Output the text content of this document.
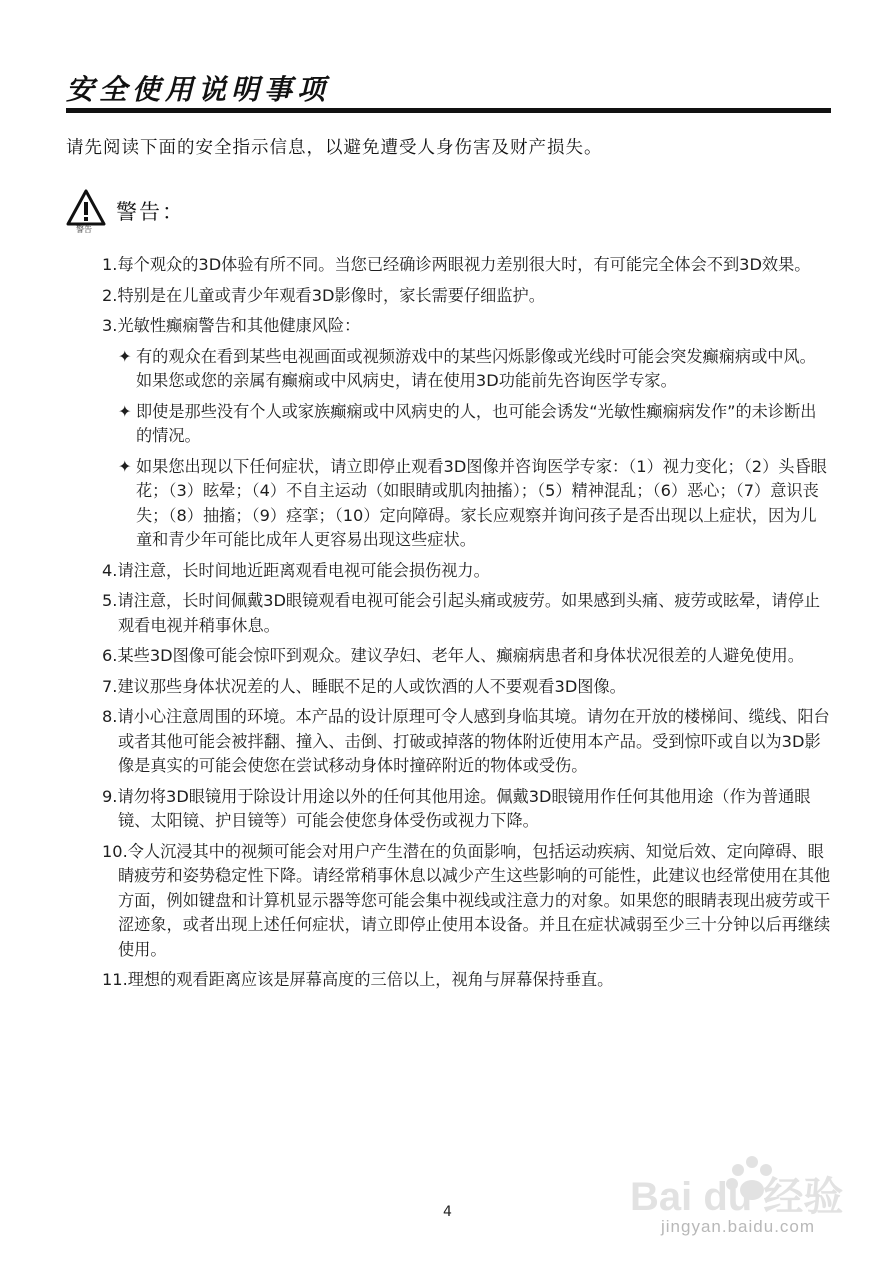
安全使用说明事项
请先阅读下面的安全指示信息，以避免遭受人身伤害及财产损失。
警告
警告：
1.每个观众的3D体验有所不同。当您已经确诊两眼视力差别很大时，有可能完全体会不到3D效果。
2.特别是在儿童或青少年观看3D影像时，家长需要仔细监护。
3.光敏性癫痫警告和其他健康风险：
✦ 有的观众在看到某些电视画面或视频游戏中的某些闪烁影像或光线时可能会突发癫痫病或中风。如果您或您的亲属有癫痫或中风病史，请在使用3D功能前先咨询医学专家。
✦ 即使是那些没有个人或家族癫痫或中风病史的人，也可能会诱发“光敏性癫痫病发作”的未诊断出的情况。
✦ 如果您出现以下任何症状，请立即停止观看3D图像并咨询医学专家：（1）视力变化；（2）头昏眼花；（3）眩晕；（4）不自主运动（如眼睛或肌肉抽搐）；（5）精神混乱；（6）恶心；（7）意识丧失；（8）抽搐；（9）痉挛；（10）定向障碍。家长应观察并询问孩子是否出现以上症状，因为儿童和青少年可能比成年人更容易出现这些症状。
4.请注意，长时间地近距离观看电视可能会损伤视力。
5.请注意，长时间佩戴3D眼镜观看电视可能会引起头痛或疲劳。如果感到头痛、疲劳或眩晕，请停止观看电视并稍事休息。
6.某些3D图像可能会惊吓到观众。建议孕妇、老年人、癫痫病患者和身体状况很差的人避免使用。
7.建议那些身体状况差的人、睡眠不足的人或饮酒的人不要观看3D图像。
8.请小心注意周围的环境。本产品的设计原理可令人感到身临其境。请勿在开放的楼梯间、缆线、阳台或者其他可能会被拌翻、撞入、击倒、打破或掉落的物体附近使用本产品。受到惊吓或自以为3D影像是真实的可能会使您在尝试移动身体时撞碎附近的物体或受伤。
9.请勿将3D眼镜用于除设计用途以外的任何其他用途。佩戴3D眼镜用作任何其他用途（作为普通眼镜、太阳镜、护目镜等）可能会使您身体受伤或视力下降。
10.令人沉浸其中的视频可能会对用户产生潜在的负面影响，包括运动疾病、知觉后效、定向障碍、眼睛疲劳和姿势稳定性下降。请经常稍事休息以减少产生这些影响的可能性，此建议也经常使用在其他方面，例如键盘和计算机显示器等您可能会集中视线或注意力的对象。如果您的眼睛表现出疲劳或干涩迹象，或者出现上述任何症状，请立即停止使用本设备。并且在症状减弱至少三十分钟以后再继续使用。
11.理想的观看距离应该是屏幕高度的三倍以上，视角与屏幕保持垂直。
Bai du 经验
jingyan.baidu.com
4
